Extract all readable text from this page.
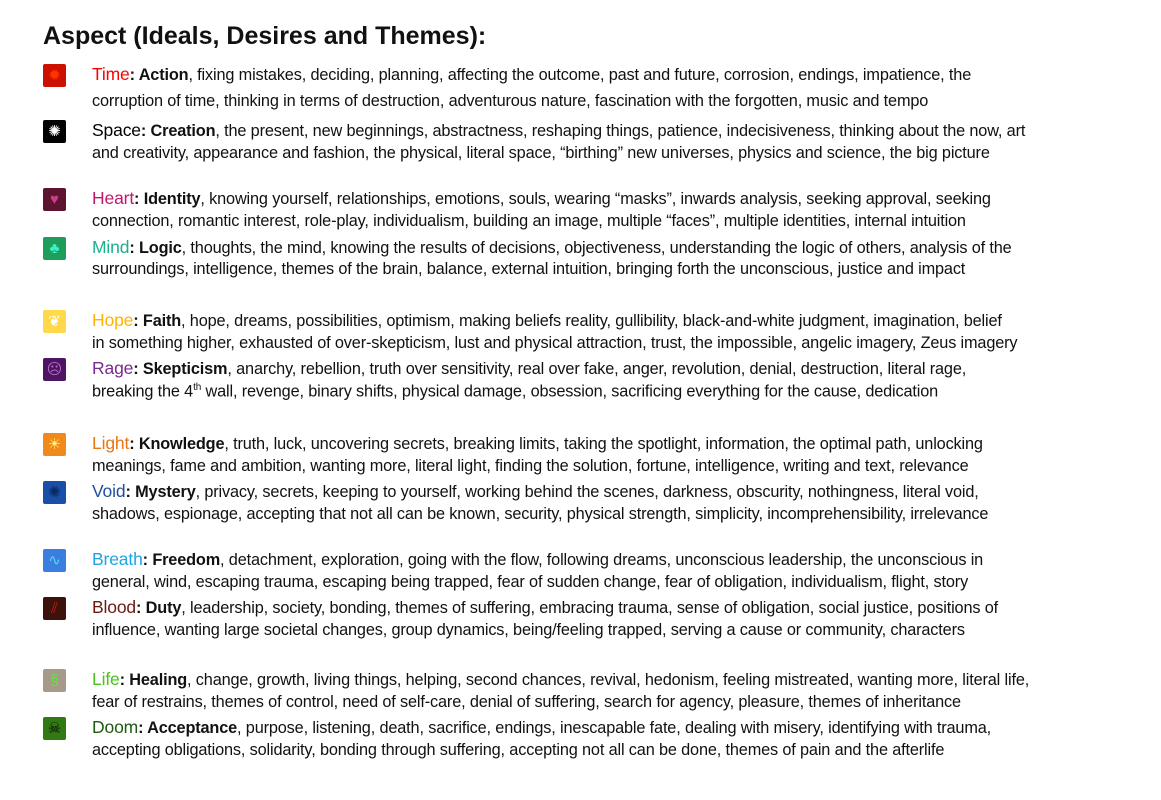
Aspect (Ideals, Desires and Themes):
✹ Time: Action, fixing mistakes, deciding, planning, affecting the outcome, past and future, corrosion, endings, impatience, the
corruption of time, thinking in terms of destruction, adventurous nature, fascination with the forgotten, music and tempo
✺ Space: Creation, the present, new beginnings, abstractness, reshaping things, patience, indecisiveness, thinking about the now, art
and creativity, appearance and fashion, the physical, literal space, “birthing” new universes, physics and science, the big picture
♥ Heart: Identity, knowing yourself, relationships, emotions, souls, wearing “masks”, inwards analysis, seeking approval, seeking
connection, romantic interest, role-play, individualism, building an image, multiple “faces”, multiple identities, internal intuition
♣ Mind: Logic, thoughts, the mind, knowing the results of decisions, objectiveness, understanding the logic of others, analysis of the
surroundings, intelligence, themes of the brain, balance, external intuition, bringing forth the unconscious, justice and impact
❦ Hope: Faith, hope, dreams, possibilities, optimism, making beliefs reality, gullibility, black-and-white judgment, imagination, belief
in something higher, exhausted of over-skepticism, lust and physical attraction, trust, the impossible, angelic imagery, Zeus imagery
☹ Rage: Skepticism, anarchy, rebellion, truth over sensitivity, real over fake, anger, revolution, denial, destruction, literal rage,
breaking the 4th wall, revenge, binary shifts, physical damage, obsession, sacrificing everything for the cause, dedication
☀ Light: Knowledge, truth, luck, uncovering secrets, breaking limits, taking the spotlight, information, the optimal path, unlocking
meanings, fame and ambition, wanting more, literal light, finding the solution, fortune, intelligence, writing and text, relevance
✺ Void: Mystery, privacy, secrets, keeping to yourself, working behind the scenes, darkness, obscurity, nothingness, literal void,
shadows, espionage, accepting that not all can be known, security, physical strength, simplicity, incomprehensibility, irrelevance
∿ Breath: Freedom, detachment, exploration, going with the flow, following dreams, unconscious leadership, the unconscious in
general, wind, escaping trauma, escaping being trapped, fear of sudden change, fear of obligation, individualism, flight, story
⫽ Blood: Duty, leadership, society, bonding, themes of suffering, embracing trauma, sense of obligation, social justice, positions of
influence, wanting large societal changes, group dynamics, being/feeling trapped, serving a cause or community, characters
§ Life: Healing, change, growth, living things, helping, second chances, revival, hedonism, feeling mistreated, wanting more, literal life,
fear of restrains, themes of control, need of self-care, denial of suffering, search for agency, pleasure, themes of inheritance
☠ Doom: Acceptance, purpose, listening, death, sacrifice, endings, inescapable fate, dealing with misery, identifying with trauma,
accepting obligations, solidarity, bonding through suffering, accepting not all can be done, themes of pain and the afterlife
